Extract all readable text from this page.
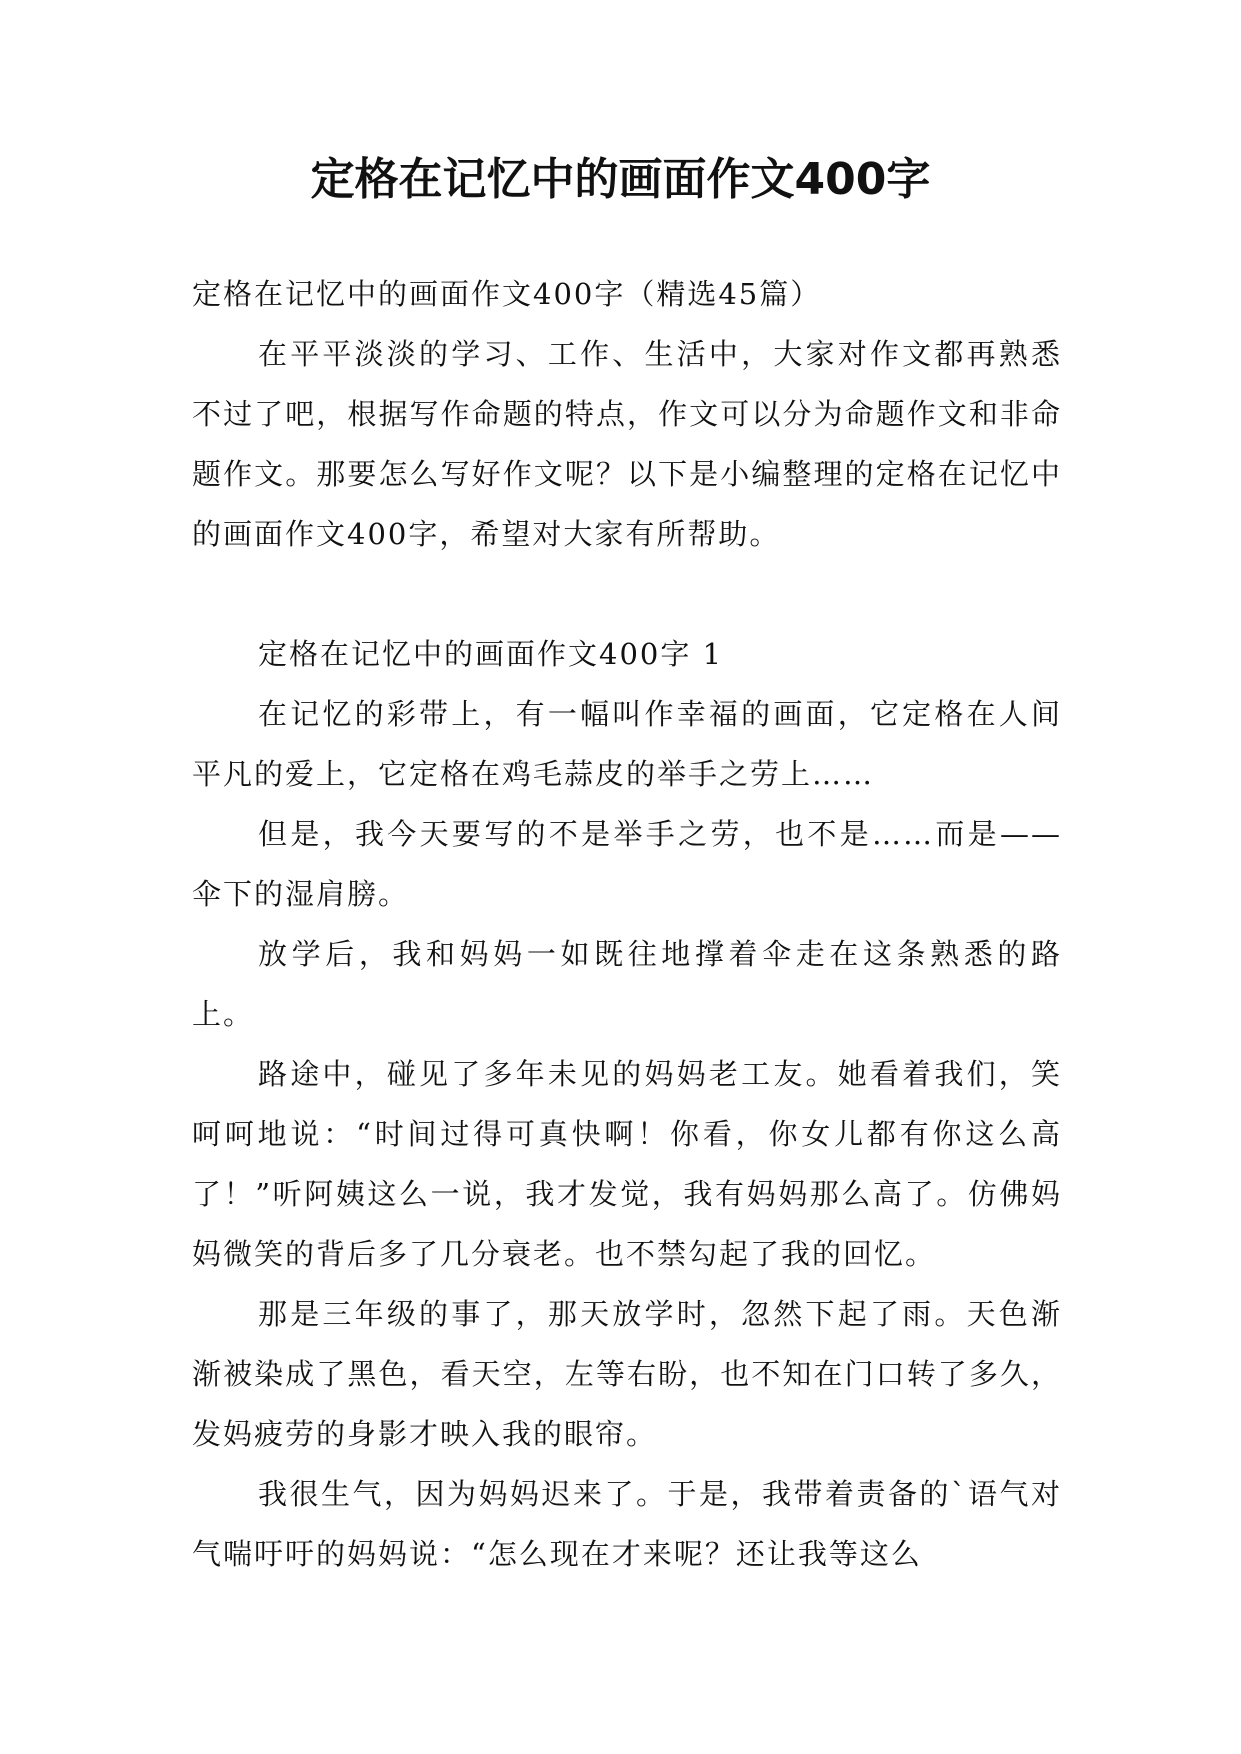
定格在记忆中的画面作文400字

定格在记忆中的画面作文400字（精选45篇）

在平平淡淡的学习、工作、生活中，大家对作文都再熟悉不过了吧，根据写作命题的特点，作文可以分为命题作文和非命题作文。那要怎么写好作文呢？以下是小编整理的定格在记忆中的画面作文400字，希望对大家有所帮助。

定格在记忆中的画面作文400字 1

在记忆的彩带上，有一幅叫作幸福的画面，它定格在人间平凡的爱上，它定格在鸡毛蒜皮的举手之劳上……

但是，我今天要写的不是举手之劳，也不是……而是——伞下的湿肩膀。

放学后，我和妈妈一如既往地撑着伞走在这条熟悉的路上。

路途中，碰见了多年未见的妈妈老工友。她看着我们，笑呵呵地说：“时间过得可真快啊！你看，你女儿都有你这么高了！”听阿姨这么一说，我才发觉，我有妈妈那么高了。仿佛妈妈微笑的背后多了几分衰老。也不禁勾起了我的回忆。

那是三年级的事了，那天放学时，忽然下起了雨。天色渐渐被染成了黑色，看天空，左等右盼，也不知在门口转了多久，发妈疲劳的身影才映入我的眼帘。

我很生气，因为妈妈迟来了。于是，我带着责备的`语气对气喘吁吁的妈妈说：“怎么现在才来呢？还让我等这么
